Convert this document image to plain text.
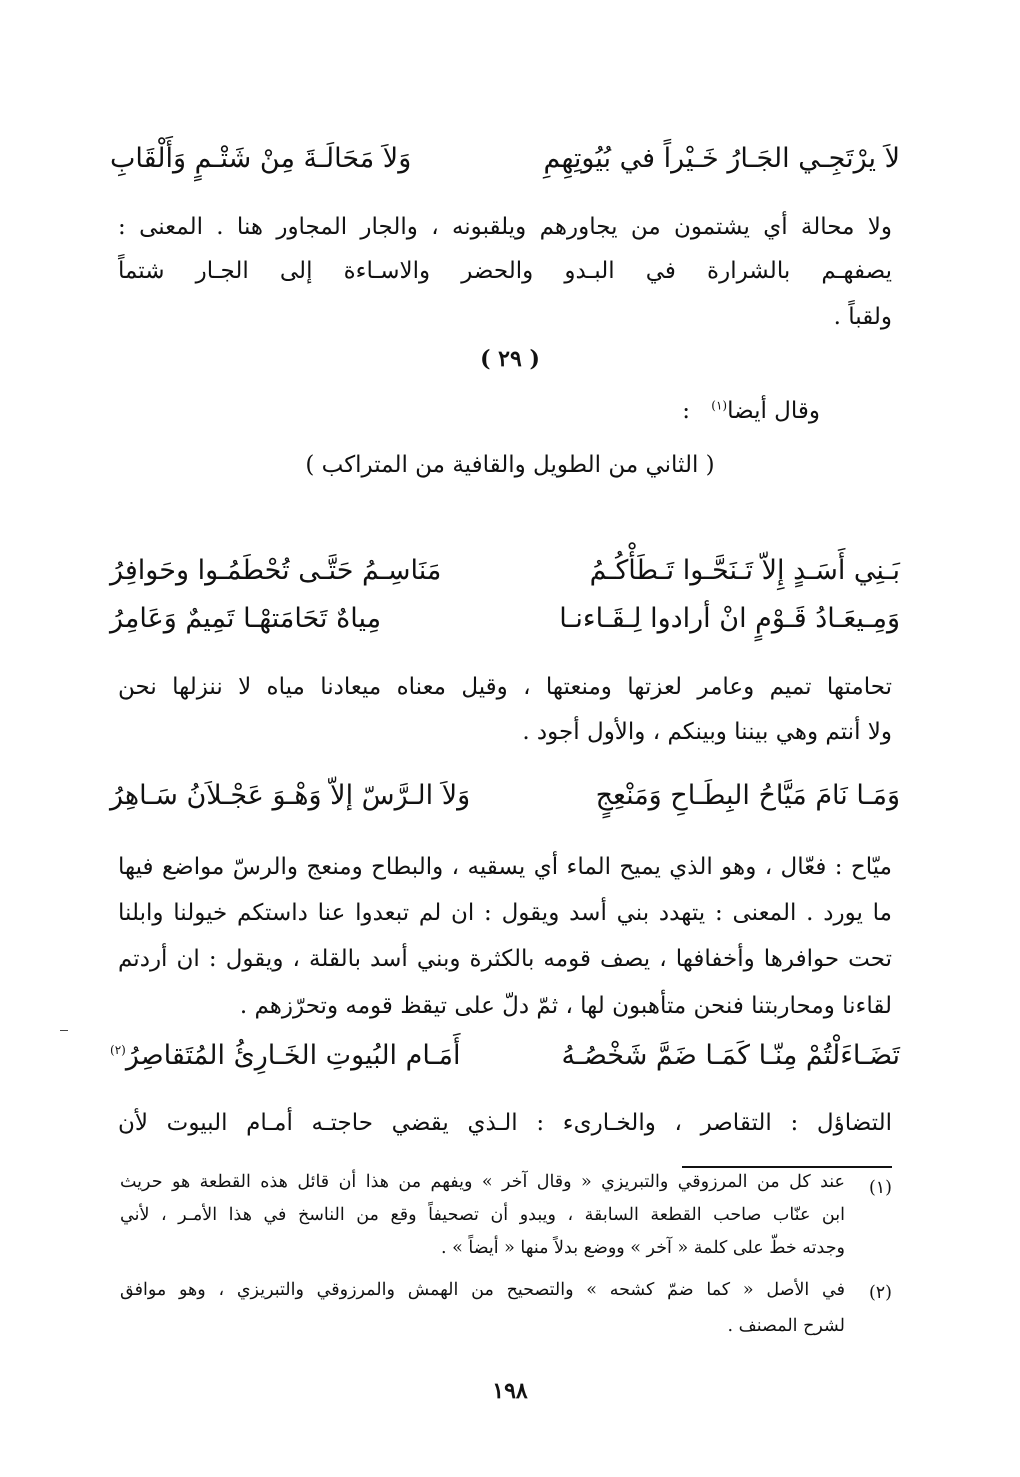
لاَ يرْتَجِـي الجَـارُ خَـيْراً في بُيُوتِهِمِ
وَلاَ مَحَالَـةَ مِنْ شَتْـمٍ وَأَلْقَابِ
ولا محالة أي يشتمون من يجاورهم ويلقبونه ، والجار المجاور هنا . المعنى :
يصفهـم بالشرارة في البـدو والحضر والاسـاءة إلى الجـار شتماً
ولقباً .
( ٢٩ )
وقال أيضا$^{(١)}$ :
( الثاني من الطويل والقافية من المتراكب )
بَـنِي أَسَـدٍ إِلاّ تَـنَحَّـوا تَـطَأْكُـمُ
مَنَاسِـمُ حَتَّـى تُحْطَمُـوا وحَوافِرُ
وَمِـيعَـادُ قَـوْمٍ انْ أرادوا لِـقَـاءنـا
مِياهٌ تَحَامَتهْـا تَمِيمٌ وَعَامِرُ
تحامتها تميم وعامر لعزتها ومنعتها ، وقيل معناه ميعادنا مياه لا ننزلها نحن
ولا أنتم وهي بيننا وبينكم ، والأول أجود .
وَمَـا نَامَ مَيَّاحُ البِطَـاحِ وَمَنْعِجٍ
وَلاَ الـرَّسّ إلاّ وَهْـوَ عَجْـلاَنُ سَـاهِرُ
ميّاح : فعّال ، وهو الذي يميح الماء أي يسقيه ، والبطاح ومنعج والرسّ مواضع فيها
ما يورد . المعنى : يتهدد بني أسد ويقول : ان لم تبعدوا عنا داستكم خيولنا وابلنا
تحت حوافرها وأخفافها ، يصف قومه بالكثرة وبني أسد بالقلة ، ويقول : ان أردتم
لقاءنا ومحاربتنا فنحن متأهبون لها ، ثمّ دلّ على تيقظ قومه وتحرّزهم .
تَضَـاءَلْتُمْ مِنّـا كَمَـا ضَمَّ شَخْصُـهُ
أَمَـام البُيوتِ الخَـارِئُ المُتَقاصِرُ$^{(٢)}$
التضاؤل : التقاصر ، والخـارىء : الـذي يقضي حاجتـه أمـام البيوت لأن
(١)
عند كل من المرزوقي والتبريزي « وقال آخر » ويفهم من هذا أن قائل هذه القطعة هو حريث
ابن عنّاب صاحب القطعة السابقة ، ويبدو أن تصحيفاً وقع من الناسخ في هذا الأمـر ، لأني
وجدته خطّ على كلمة « آخر » ووضع بدلاً منها « أيضاً » .
(٢)
في الأصل « كما ضمّ كشحه » والتصحيح من الهمش والمرزوقي والتبريزي ، وهو موافق
لشرح المصنف .
١٩٨
